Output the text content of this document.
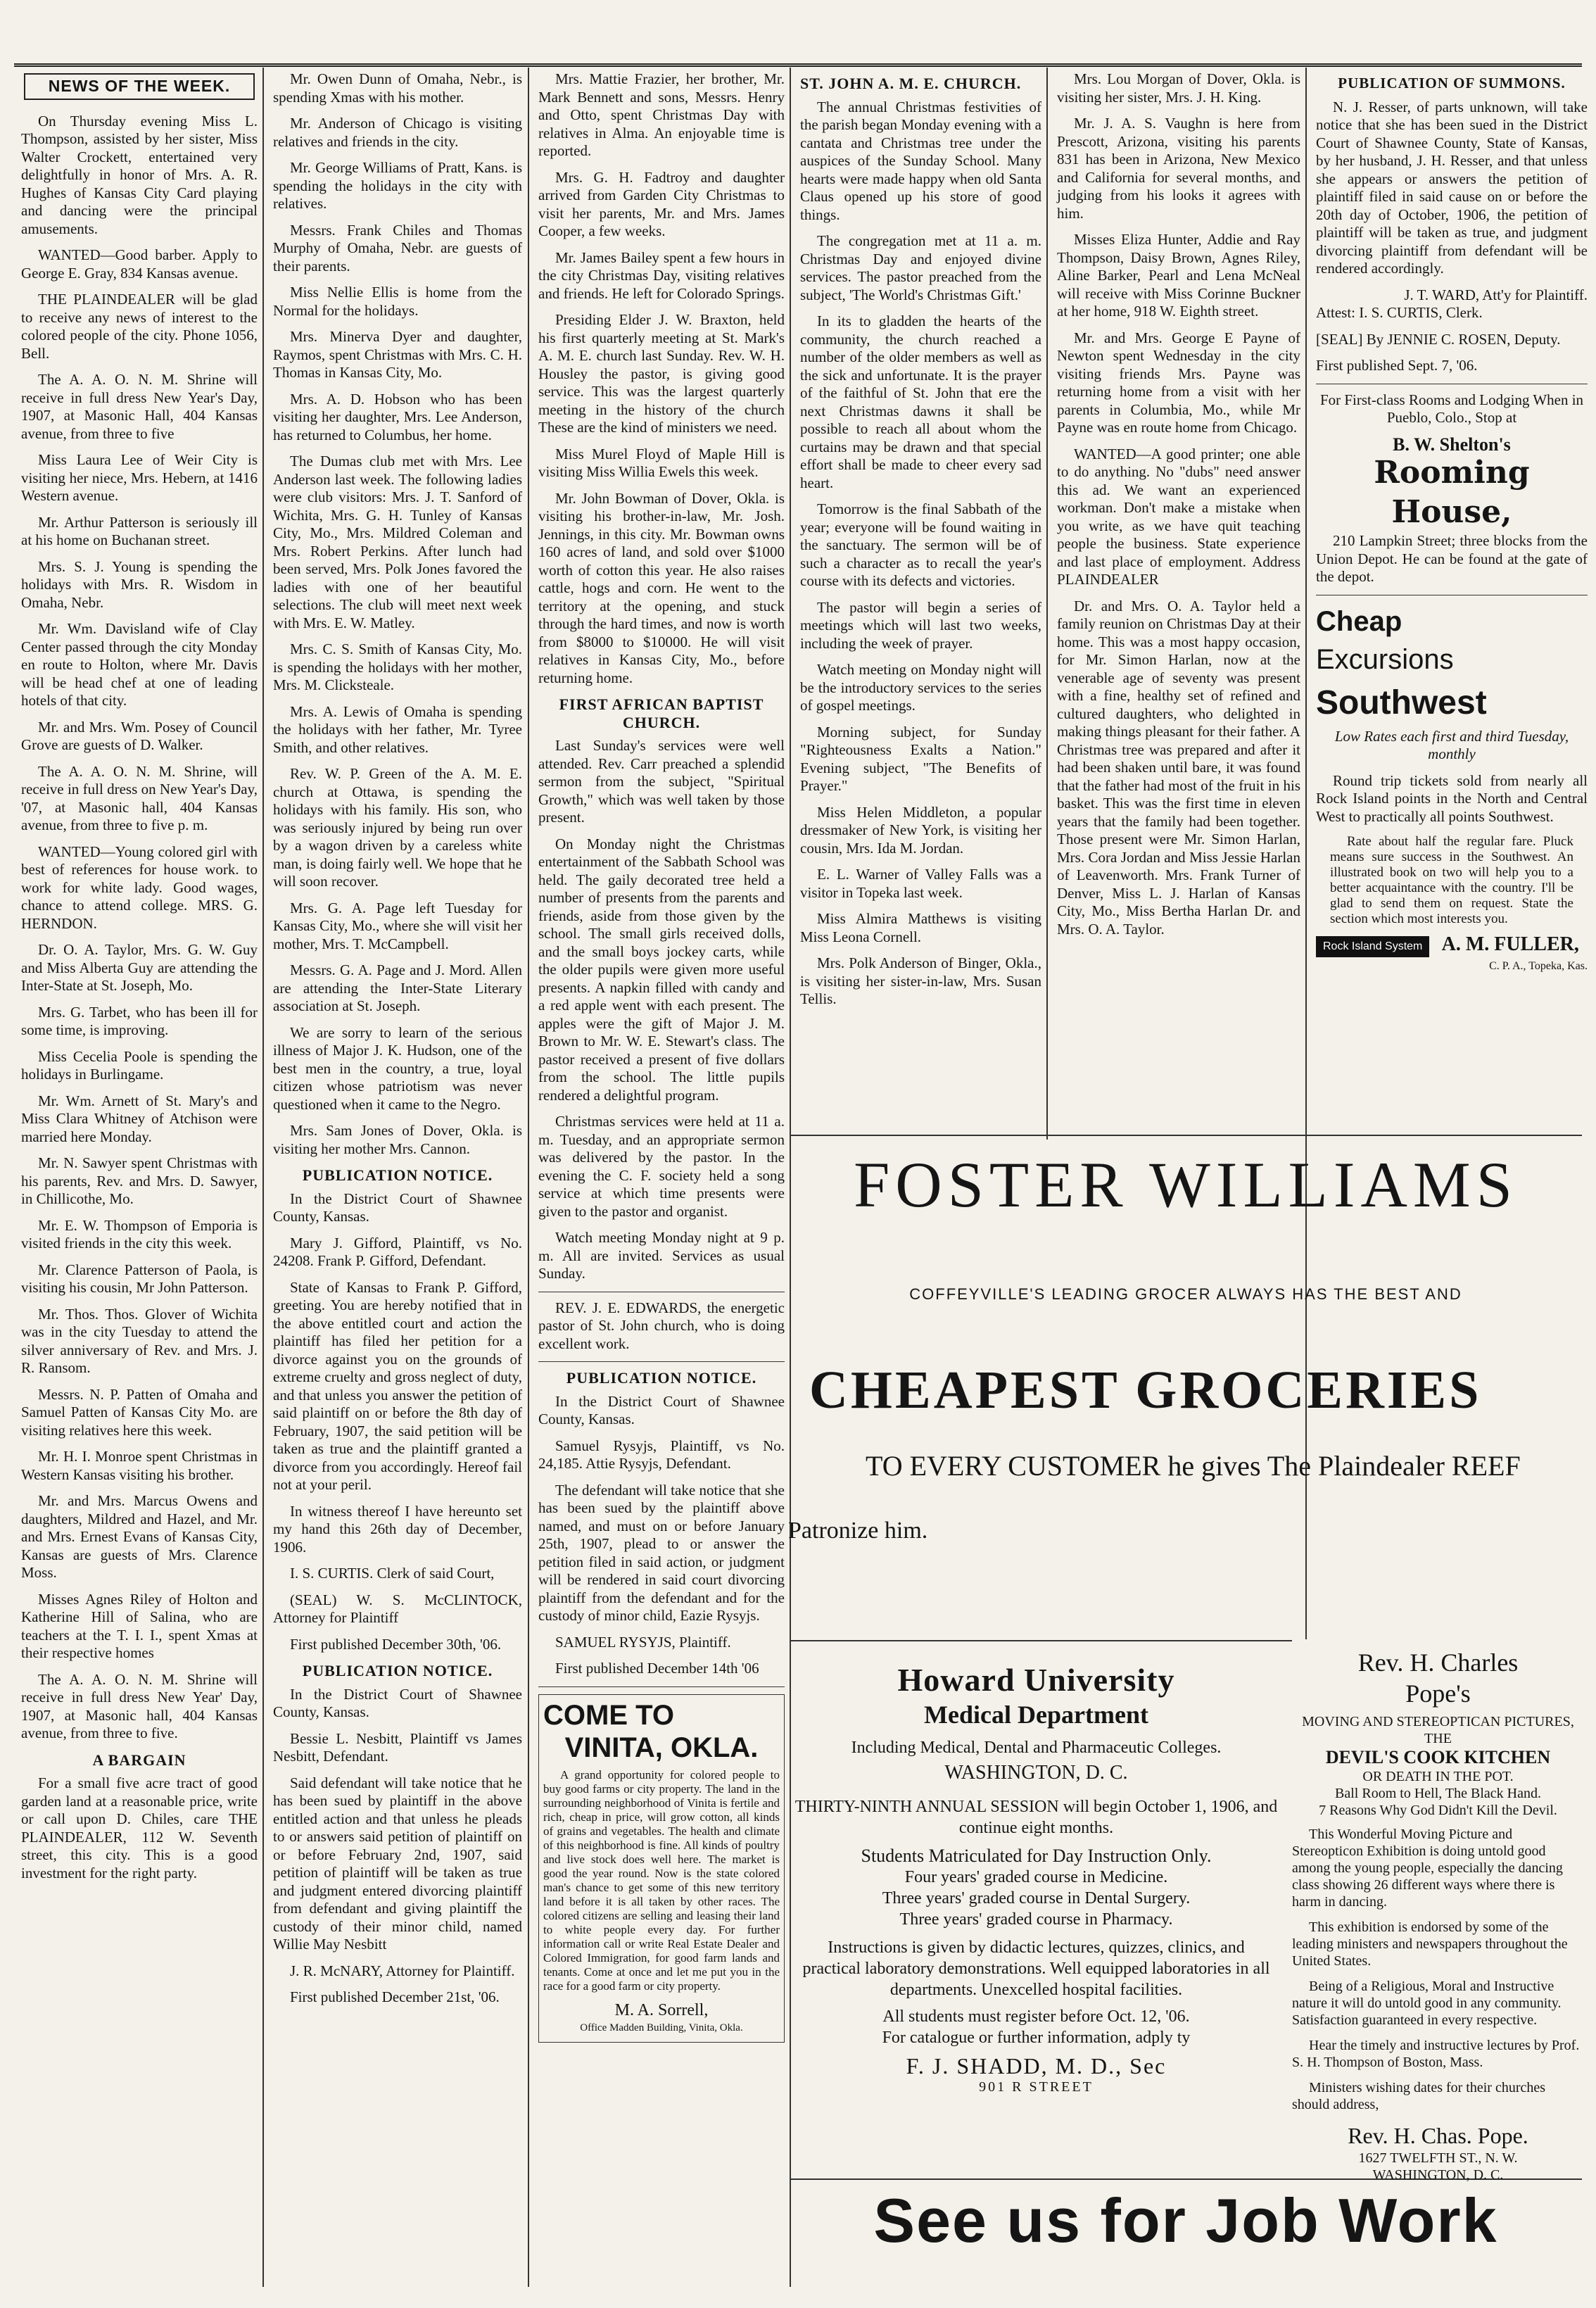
NEWS OF THE WEEK.

On Thursday evening Miss L. Thompson, assisted by her sister, Miss Walter Crockett, entertained very delightfully in honor of Mrs. A. R. Hughes of Kansas City Card playing and dancing were the principal amusements.

WANTED—Good barber. Apply to George E. Gray, 834 Kansas avenue.

THE PLAINDEALER will be glad to receive any news of interest to the colored people of the city. Phone 1056, Bell.

The A. A. O. N. M. Shrine will receive in full dress New Year's Day, 1907, at Masonic Hall, 404 Kansas avenue, from three to five

Miss Laura Lee of Weir City is visiting her niece, Mrs. Hebern, at 1416 Western avenue.

Mr. Arthur Patterson is seriously ill at his home on Buchanan street.

Mrs. S. J. Young is spending the holidays with Mrs. R. Wisdom in Omaha, Nebr.

Mr. Wm. Davisland wife of Clay Center passed through the city Monday en route to Holton, where Mr. Davis will be head chef at one of leading hotels of that city.

Mr. and Mrs. Wm. Posey of Council Grove are guests of D. Walker.

The A. A. O. N. M. Shrine, will receive in full dress on New Year's Day, '07, at Masonic hall, 404 Kansas avenue, from three to five p. m.

WANTED—Young colored girl with best of references for house work. to work for white lady. Good wages, chance to attend college. MRS. G. HERNDON.

Dr. O. A. Taylor, Mrs. G. W. Guy and Miss Alberta Guy are attending the Inter-State at St. Joseph, Mo.

Mrs. G. Tarbet, who has been ill for some time, is improving.

Miss Cecelia Poole is spending the holidays in Burlingame.

Mr. Wm. Arnett of St. Mary's and Miss Clara Whitney of Atchison were married here Monday.

Mr. N. Sawyer spent Christmas with his parents, Rev. and Mrs. D. Sawyer, in Chillicothe, Mo.

Mr. E. W. Thompson of Emporia is visited friends in the city this week.

Mr. Clarence Patterson of Paola, is visiting his cousin, Mr John Patterson.

Mr. Thos. Thos. Glover of Wichita was in the city Tuesday to attend the silver anniversary of Rev. and Mrs. J. R. Ransom.

Messrs. N. P. Patten of Omaha and Samuel Patten of Kansas City Mo. are visiting relatives here this week.

Mr. H. I. Monroe spent Christmas in Western Kansas visiting his brother.

Mr. and Mrs. Marcus Owens and daughters, Mildred and Hazel, and Mr. and Mrs. Ernest Evans of Kansas City, Kansas are guests of Mrs. Clarence Moss.

Misses Agnes Riley of Holton and Katherine Hill of Salina, who are teachers at the T. I. I., spent Xmas at their respective homes

The A. A. O. N. M. Shrine will receive in full dress New Year' Day, 1907, at Masonic hall, 404 Kansas avenue, from three to five.

A BARGAIN

For a small five acre tract of good garden land at a reasonable price, write or call upon D. Chiles, care THE PLAINDEALER, 112 W. Seventh street, this city. This is a good investment for the right party.

Mr. Owen Dunn of Omaha, Nebr., is spending Xmas with his mother.

Mr. Anderson of Chicago is visiting relatives and friends in the city.

Mr. George Williams of Pratt, Kans. is spending the holidays in the city with relatives.

Messrs. Frank Chiles and Thomas Murphy of Omaha, Nebr. are guests of their parents.

Miss Nellie Ellis is home from the Normal for the holidays.

Mrs. Minerva Dyer and daughter, Raymos, spent Christmas with Mrs. C. H. Thomas in Kansas City, Mo.

Mrs. A. D. Hobson who has been visiting her daughter, Mrs. Lee Anderson, has returned to Columbus, her home.

The Dumas club met with Mrs. Lee Anderson last week. The following ladies were club visitors: Mrs. J. T. Sanford of Wichita, Mrs. G. H. Tunley of Kansas City, Mo., Mrs. Mildred Coleman and Mrs. Robert Perkins. After lunch had been served, Mrs. Polk Jones favored the ladies with one of her beautiful selections. The club will meet next week with Mrs. E. W. Matley.

Mrs. C. S. Smith of Kansas City, Mo. is spending the holidays with her mother, Mrs. M. Clicksteale.

Mrs. A. Lewis of Omaha is spending the holidays with her father, Mr. Tyree Smith, and other relatives.

Rev. W. P. Green of the A. M. E. church at Ottawa, is spending the holidays with his family. His son, who was seriously injured by being run over by a wagon driven by a careless white man, is doing fairly well. We hope that he will soon recover.

Mrs. G. A. Page left Tuesday for Kansas City, Mo., where she will visit her mother, Mrs. T. McCampbell.

Messrs. G. A. Page and J. Mord. Allen are attending the Inter-State Literary association at St. Joseph.

We are sorry to learn of the serious illness of Major J. K. Hudson, one of the best men in the country, a true, loyal citizen whose patriotism was never questioned when it came to the Negro.

Mrs. Sam Jones of Dover, Okla. is visiting her mother Mrs. Cannon.

PUBLICATION NOTICE.

In the District Court of Shawnee County, Kansas.

Mary J. Gifford, Plaintiff, vs No. 24208. Frank P. Gifford, Defendant.

State of Kansas to Frank P. Gifford, greeting. You are hereby notified that in the above entitled court and action the plaintiff has filed her petition for a divorce against you on the grounds of extreme cruelty and gross neglect of duty, and that unless you answer the petition of said plaintiff on or before the 8th day of February, 1907, the said petition will be taken as true and the plaintiff granted a divorce from you accordingly. Hereof fail not at your peril.

In witness thereof I have hereunto set my hand this 26th day of December, 1906.

I. S. CURTIS. Clerk of said Court,

(SEAL) W. S. McCLINTOCK, Attorney for Plaintiff

First published December 30th, '06.

PUBLICATION NOTICE.

In the District Court of Shawnee County, Kansas.

Bessie L. Nesbitt, Plaintiff vs James Nesbitt, Defendant.

Said defendant will take notice that he has been sued by plaintiff in the above entitled action and that unless he pleads to or answers said petition of plaintiff on or before February 2nd, 1907, said petition of plaintiff will be taken as true and judgment entered divorcing plaintiff from defendant and giving plaintiff the custody of their minor child, named Willie May Nesbitt

J. R. McNARY, Attorney for Plaintiff.

First published December 21st, '06.

Mrs. Mattie Frazier, her brother, Mr. Mark Bennett and sons, Messrs. Henry and Otto, spent Christmas Day with relatives in Alma. An enjoyable time is reported.

Mrs. G. H. Fadtroy and daughter arrived from Garden City Christmas to visit her parents, Mr. and Mrs. James Cooper, a few weeks.

Mr. James Bailey spent a few hours in the city Christmas Day, visiting relatives and friends. He left for Colorado Springs.

Presiding Elder J. W. Braxton, held his first quarterly meeting at St. Mark's A. M. E. church last Sunday. Rev. W. H. Housley the pastor, is giving good service. This was the largest quarterly meeting in the history of the church These are the kind of ministers we need.

Miss Murel Floyd of Maple Hill is visiting Miss Willia Ewels this week.

Mr. John Bowman of Dover, Okla. is visiting his brother-in-law, Mr. Josh. Jennings, in this city. Mr. Bowman owns 160 acres of land, and sold over $1000 worth of cotton this year. He also raises cattle, hogs and corn. He went to the territory at the opening, and stuck through the hard times, and now is worth from $8000 to $10000. He will visit relatives in Kansas City, Mo., before returning home.

FIRST AFRICAN BAPTIST CHURCH.

Last Sunday's services were well attended. Rev. Carr preached a splendid sermon from the subject, "Spiritual Growth," which was well taken by those present.

On Monday night the Christmas entertainment of the Sabbath School was held. The gaily decorated tree held a number of presents from the parents and friends, aside from those given by the school. The small girls received dolls, and the small boys jockey carts, while the older pupils were given more useful presents. A napkin filled with candy and a red apple went with each present. The apples were the gift of Major J. M. Brown to Mr. W. E. Stewart's class. The pastor received a present of five dollars from the school. The little pupils rendered a delightful program.

Christmas services were held at 11 a. m. Tuesday, and an appropriate sermon was delivered by the pastor. In the evening the C. F. society held a song service at which time presents were given to the pastor and organist.

Watch meeting Monday night at 9 p. m. All are invited. Services as usual Sunday.

REV. J. E. EDWARDS, the energetic pastor of St. John church, who is doing excellent work.

PUBLICATION NOTICE.

In the District Court of Shawnee County, Kansas.

Samuel Rysyjs, Plaintiff, vs No. 24,185. Attie Rysyjs, Defendant.

The defendant will take notice that she has been sued by the plaintiff above named, and must on or before January 25th, 1907, plead to or answer the petition filed in said action, or judgment will be rendered in said court divorcing plaintiff from the defendant and for the custody of minor child, Eazie Rysyjs.

SAMUEL RYSYJS, Plaintiff.

First published December 14th '06

COME TO
VINITA, OKLA.

A grand opportunity for colored people to buy good farms or city property. The land in the surrounding neighborhood of Vinita is fertile and rich, cheap in price, will grow cotton, all kinds of grains and vegetables. The health and climate of this neighborhood is fine. All kinds of poultry and live stock does well here. The market is good the year round. Now is the state colored man's chance to get some of this new territory land before it is all taken by other races. The colored citizens are selling and leasing their land to white people every day. For further information call or write Real Estate Dealer and Colored Immigration, for good farm lands and tenants. Come at once and let me put you in the race for a good farm or city property.

M. A. Sorrell,
Office Madden Building, Vinita, Okla.
ST. JOHN A. M. E. CHURCH.

The annual Christmas festivities of the parish began Monday evening with a cantata and Christmas tree under the auspices of the Sunday School. Many hearts were made happy when old Santa Claus opened up his store of good things.

The congregation met at 11 a. m. Christmas Day and enjoyed divine services. The pastor preached from the subject, 'The World's Christmas Gift.'

In its to gladden the hearts of the community, the church reached a number of the older members as well as the sick and unfortunate. It is the prayer of the faithful of St. John that ere the next Christmas dawns it shall be possible to reach all about whom the curtains may be drawn and that special effort shall be made to cheer every sad heart.

Tomorrow is the final Sabbath of the year; everyone will be found waiting in the sanctuary. The sermon will be of such a character as to recall the year's course with its defects and victories.

The pastor will begin a series of meetings which will last two weeks, including the week of prayer.

Watch meeting on Monday night will be the introductory services to the series of gospel meetings.

Morning subject, for Sunday "Righteousness Exalts a Nation." Evening subject, "The Benefits of Prayer."

Miss Helen Middleton, a popular dressmaker of New York, is visiting her cousin, Mrs. Ida M. Jordan.

E. L. Warner of Valley Falls was a visitor in Topeka last week.

Miss Almira Matthews is visiting Miss Leona Cornell.

Mrs. Polk Anderson of Binger, Okla., is visiting her sister-in-law, Mrs. Susan Tellis.

Mrs. Lou Morgan of Dover, Okla. is visiting her sister, Mrs. J. H. King.

Mr. J. A. S. Vaughn is here from Prescott, Arizona, visiting his parents 831 has been in Arizona, New Mexico and California for several months, and judging from his looks it agrees with him.

Misses Eliza Hunter, Addie and Ray Thompson, Daisy Brown, Agnes Riley, Aline Barker, Pearl and Lena McNeal will receive with Miss Corinne Buckner at her home, 918 W. Eighth street.

Mr. and Mrs. George E Payne of Newton spent Wednesday in the city visiting friends Mrs. Payne was returning home from a visit with her parents in Columbia, Mo., while Mr Payne was en route home from Chicago.

WANTED—A good printer; one able to do anything. No "dubs" need answer this ad. We want an experienced workman. Don't make a mistake when you write, as we have quit teaching people the business. State experience and last place of employment. Address PLAINDEALER

Dr. and Mrs. O. A. Taylor held a family reunion on Christmas Day at their home. This was a most happy occasion, for Mr. Simon Harlan, now at the venerable age of seventy was present with a fine, healthy set of refined and cultured daughters, who delighted in making things pleasant for their father. A Christmas tree was prepared and after it had been shaken until bare, it was found that the father had most of the fruit in his basket. This was the first time in eleven years that the family had been together. Those present were Mr. Simon Harlan, Mrs. Cora Jordan and Miss Jessie Harlan of Leavenworth. Mrs. Frank Turner of Denver, Miss L. J. Harlan of Kansas City, Mo., Miss Bertha Harlan Dr. and Mrs. O. A. Taylor.

PUBLICATION OF SUMMONS.

N. J. Resser, of parts unknown, will take notice that she has been sued in the District Court of Shawnee County, State of Kansas, by her husband, J. H. Resser, and that unless she appears or answers the petition of plaintiff filed in said cause on or before the 20th day of October, 1906, the petition of plaintiff will be taken as true, and judgment divorcing plaintiff from defendant will be rendered accordingly.

J. T. WARD, Att'y for Plaintiff.

Attest: I. S. CURTIS, Clerk.

[SEAL] By JENNIE C. ROSEN, Deputy.

First published Sept. 7, '06.

For First-class Rooms and Lodging When in Pueblo, Colo., Stop at

B. W. Shelton's
Rooming House,

210 Lampkin Street; three blocks from the Union Depot. He can be found at the gate of the depot.

Cheap
Excursions
Southwest

Low Rates each first and third Tuesday, monthly

Round trip tickets sold from nearly all Rock Island points in the North and Central West to practically all points Southwest.

Rate about half the regular fare. Pluck means sure success in the Southwest. An illustrated book on two will help you to a better acquaintance with the country. I'll be glad to send them on request. State the section which most interests you.

Rock Island System A. M. FULLER,
C. P. A., Topeka, Kas.
FOSTER WILLIAMS
COFFEYVILLE'S LEADING GROCER ALWAYS HAS THE BEST AND
CHEAPEST GROCERIES
TO EVERY CUSTOMER he gives The Plaindealer REEF
Patronize him.
Howard University
Medical Department
Including Medical, Dental and Pharmaceutic Colleges.
WASHINGTON, D. C.
THIRTY-NINTH ANNUAL SESSION will begin October 1, 1906, and continue eight months.
Students Matriculated for Day Instruction Only.
Four years' graded course in Medicine.
Three years' graded course in Dental Surgery.
Three years' graded course in Pharmacy.
Instructions is given by didactic lectures, quizzes, clinics, and practical laboratory demonstrations. Well equipped laboratories in all departments. Unexcelled hospital facilities.
All students must register before Oct. 12, '06.
For catalogue or further information, adply ty
F. J. SHADD, M. D., Sec
901 R STREET
Rev. H. Charles
Pope's
MOVING AND STEREOPTICAN PICTURES, THE
DEVIL'S COOK KITCHEN
OR DEATH IN THE POT.
Ball Room to Hell, The Black Hand.
7 Reasons Why God Didn't Kill the Devil.

This Wonderful Moving Picture and Stereopticon Exhibition is doing untold good among the young people, especially the dancing class showing 26 different ways where there is harm in dancing.

This exhibition is endorsed by some of the leading ministers and newspapers throughout the United States.

Being of a Religious, Moral and Instructive nature it will do untold good in any community. Satisfaction guaranteed in every respective.

Hear the timely and instructive lectures by Prof. S. H. Thompson of Boston, Mass.

Ministers wishing dates for their churches should address,

Rev. H. Chas. Pope.
1627 TWELFTH ST., N. W.
WASHINGTON, D. C.
See us for Job Work
